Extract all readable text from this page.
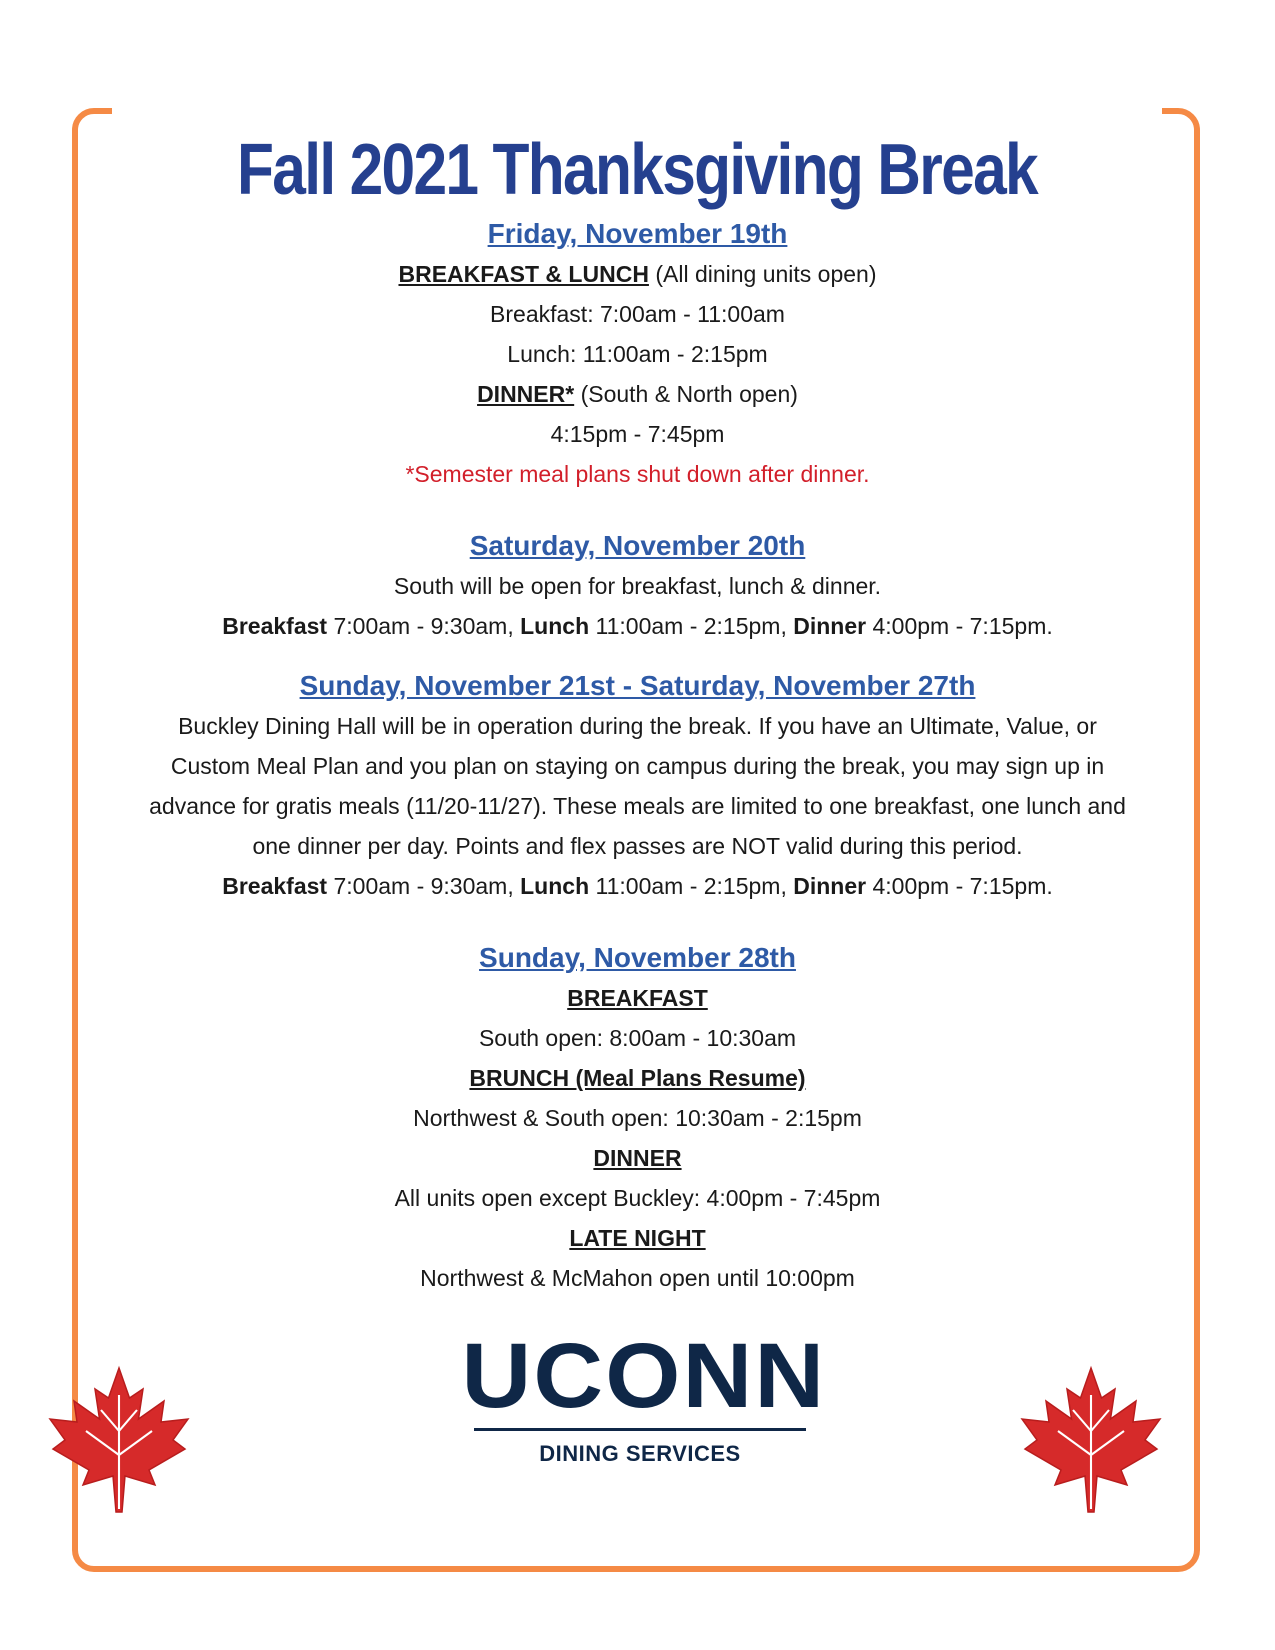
Fall 2021 Thanksgiving Break

Friday, November 19th

BREAKFAST & LUNCH (All dining units open)

Breakfast: 7:00am - 11:00am

Lunch: 11:00am - 2:15pm

DINNER* (South & North open)

4:15pm - 7:45pm

*Semester meal plans shut down after dinner.

Saturday, November 20th

South will be open for breakfast, lunch & dinner.

Breakfast 7:00am - 9:30am, Lunch 11:00am - 2:15pm, Dinner 4:00pm - 7:15pm.

Sunday, November 21st - Saturday, November 27th

Buckley Dining Hall will be in operation during the break. If you have an Ultimate, Value, or

Custom Meal Plan and you plan on staying on campus during the break, you may sign up in

advance for gratis meals (11/20-11/27). These meals are limited to one breakfast, one lunch and

one dinner per day. Points and flex passes are NOT valid during this period.

Breakfast 7:00am - 9:30am, Lunch 11:00am - 2:15pm, Dinner 4:00pm - 7:15pm.

Sunday, November 28th

BREAKFAST

South open: 8:00am - 10:30am

BRUNCH (Meal Plans Resume)

Northwest & South open: 10:30am - 2:15pm

DINNER

All units open except Buckley: 4:00pm - 7:45pm

LATE NIGHT

Northwest & McMahon open until 10:00pm

UCONN
DINING SERVICES
